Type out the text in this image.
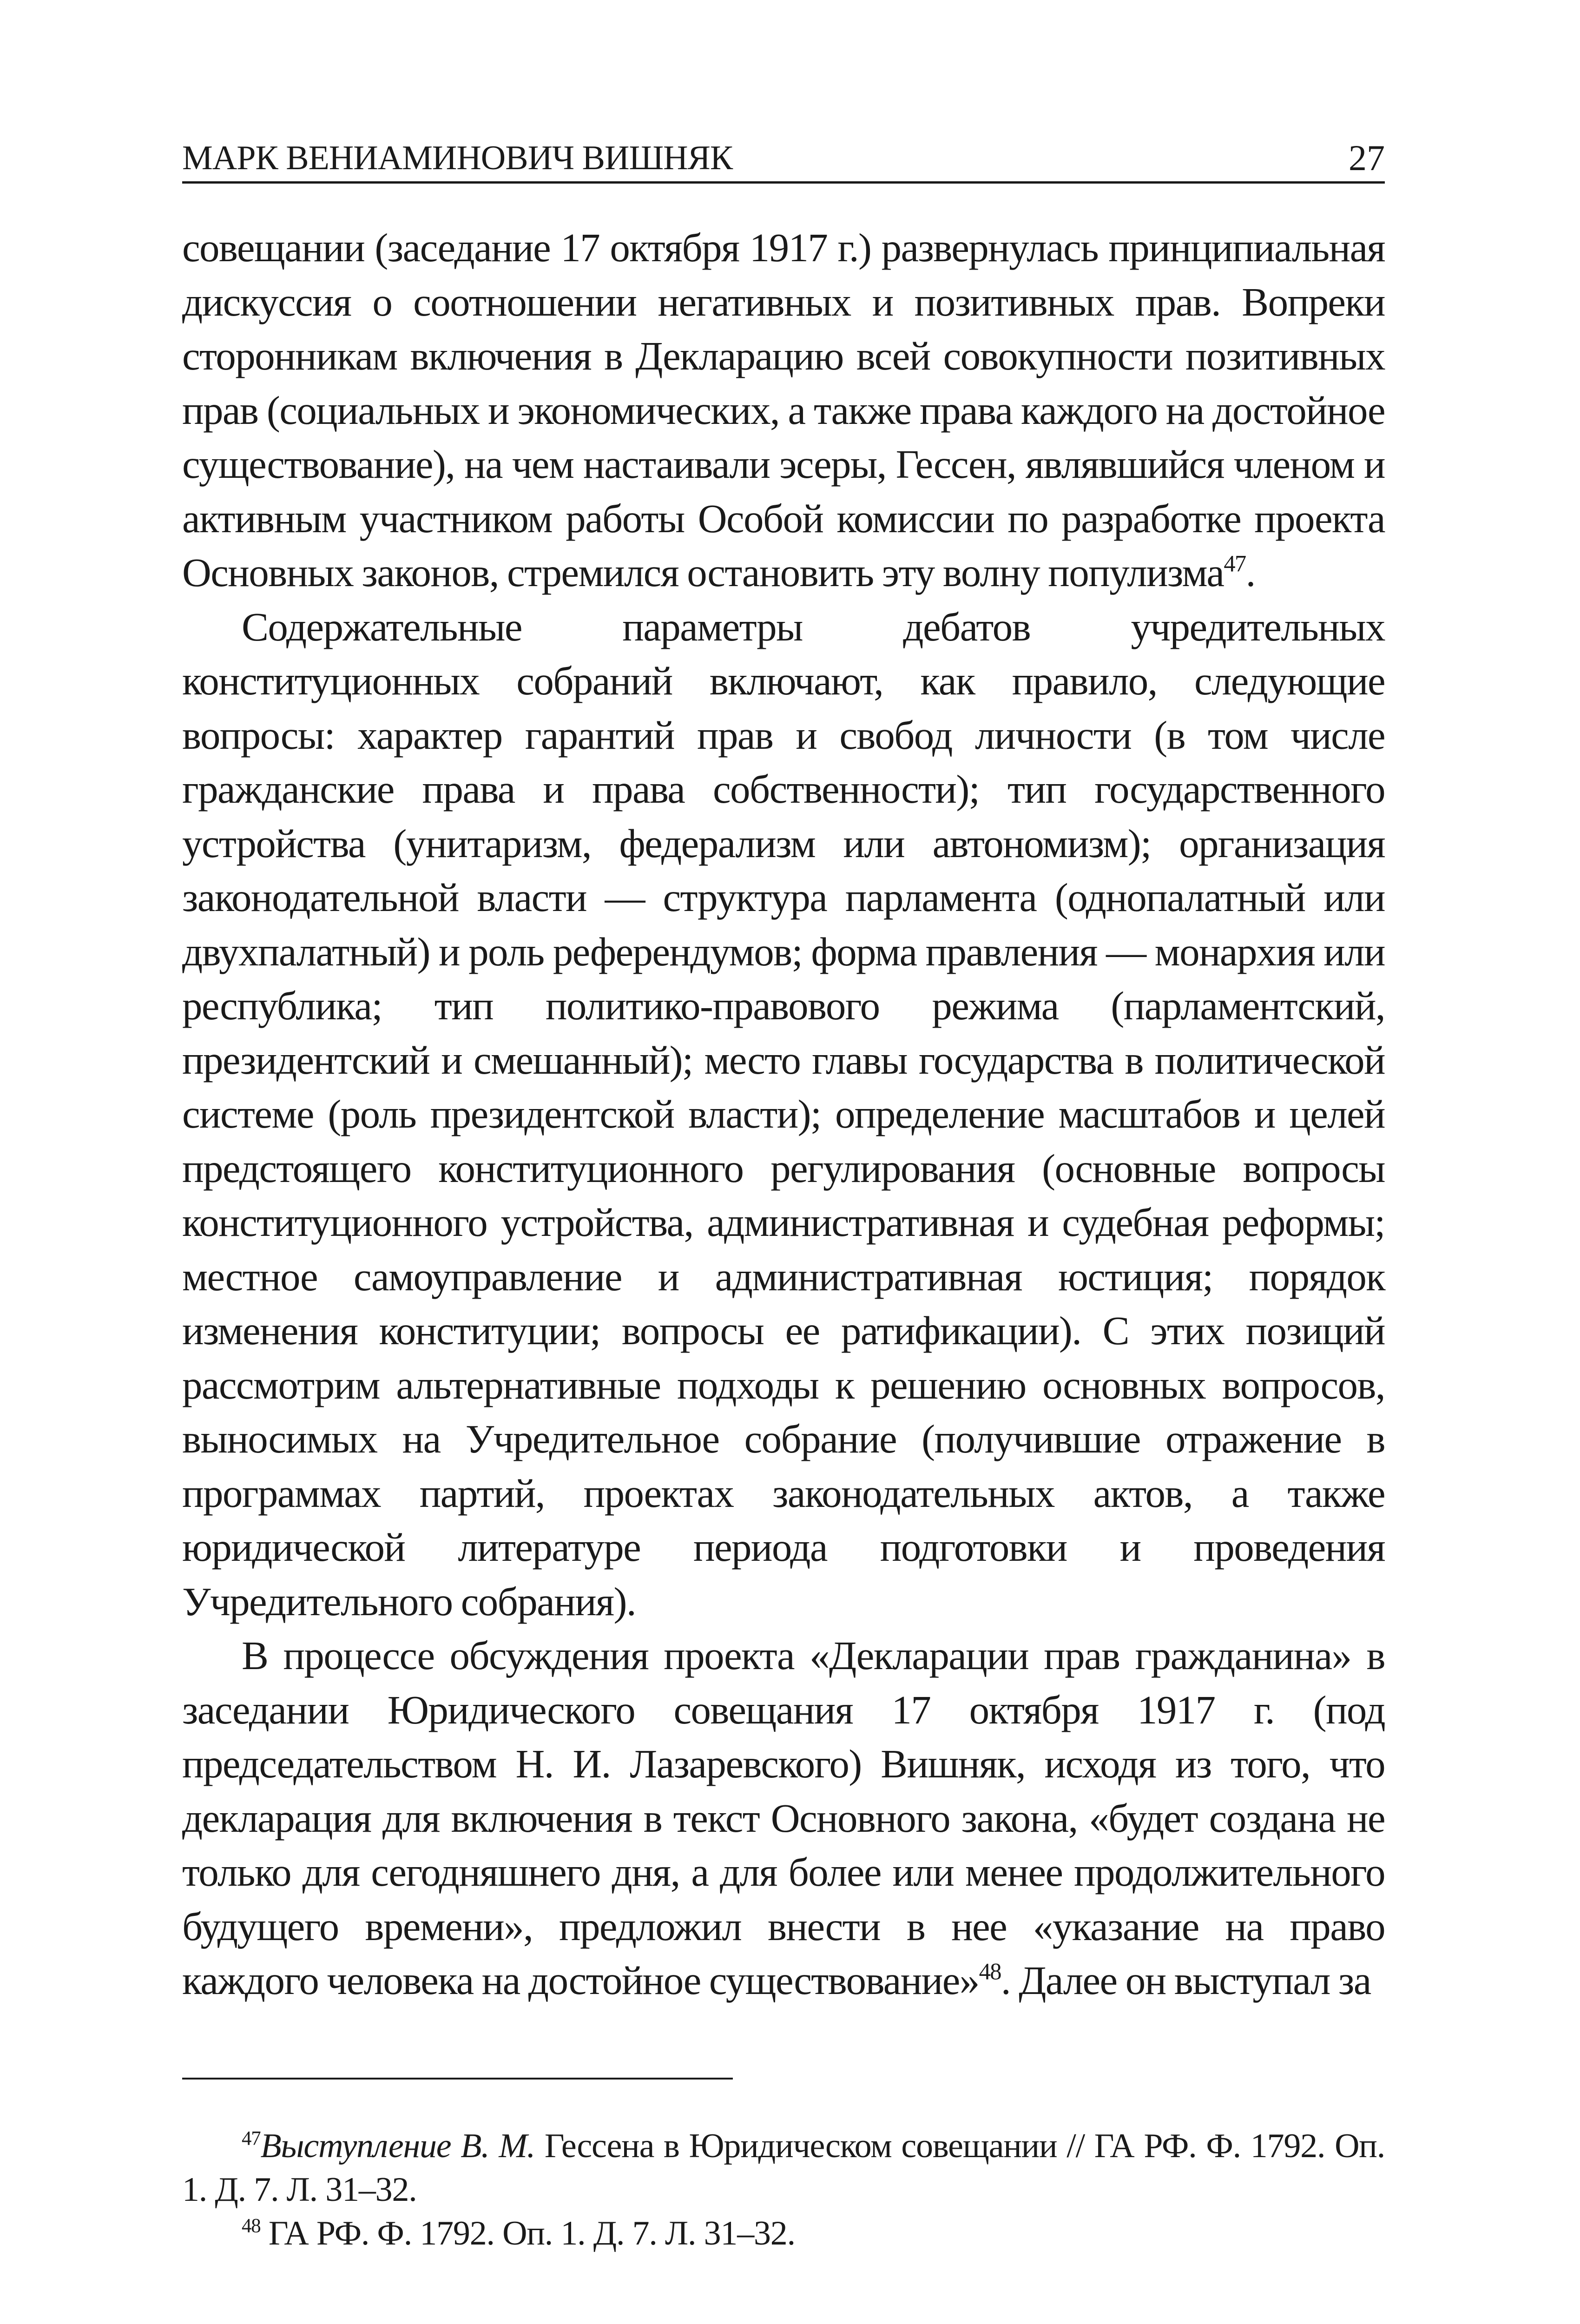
МАРК ВЕНИАМИНОВИЧ ВИШНЯК	27

совещании (заседание 17 октября 1917 г.) развернулась принципиальная дискуссия о соотношении негативных и позитивных прав. Вопреки сторонникам включения в Декларацию всей совокупности позитивных прав (социальных и экономических, а также права каждого на достойное существование), на чем настаивали эсеры, Гессен, являвшийся членом и активным участником работы Особой комиссии по разработке проекта Основных законов, стремился остановить эту волну популизма$^{47}$.

Содержательные параметры дебатов учредительных конституционных собраний включают, как правило, следующие вопросы: характер гарантий прав и свобод личности (в том числе гражданские права и права собственности); тип государственного устройства (унитаризм, федерализм или автономизм); организация законодательной власти — структура парламента (однопалатный или двухпалатный) и роль референдумов; форма правления — монархия или республика; тип политико-правового режима (парламентский, президентский и смешанный); место главы государства в политической системе (роль президентской власти); определение масштабов и целей предстоящего конституционного регулирования (основные вопросы конституционного устройства, административная и судебная реформы; местное самоуправление и административная юстиция; порядок изменения конституции; вопросы ее ратификации). С этих позиций рассмотрим альтернативные подходы к решению основных вопросов, выносимых на Учредительное собрание (получившие отражение в программах партий, проектах законодательных актов, а также юридической литературе периода подготовки и проведения Учредительного собрания).

В процессе обсуждения проекта «Декларации прав гражданина» в заседании Юридического совещания 17 октября 1917 г. (под председательством Н. И. Лазаревского) Вишняк, исходя из того, что декларация для включения в текст Основного закона, «будет создана не только для сегодняшнего дня, а для более или менее продолжительного будущего времени», предложил внести в нее «указание на право каждого человека на достойное существование»$^{48}$. Далее он выступал за

$^{47}$Выступление В. М. Гессена в Юридическом совещании // ГА РФ. Ф. 1792. Оп. 1. Д. 7. Л. 31–32.

$^{48}$ ГА РФ. Ф. 1792. Оп. 1. Д. 7. Л. 31–32.
